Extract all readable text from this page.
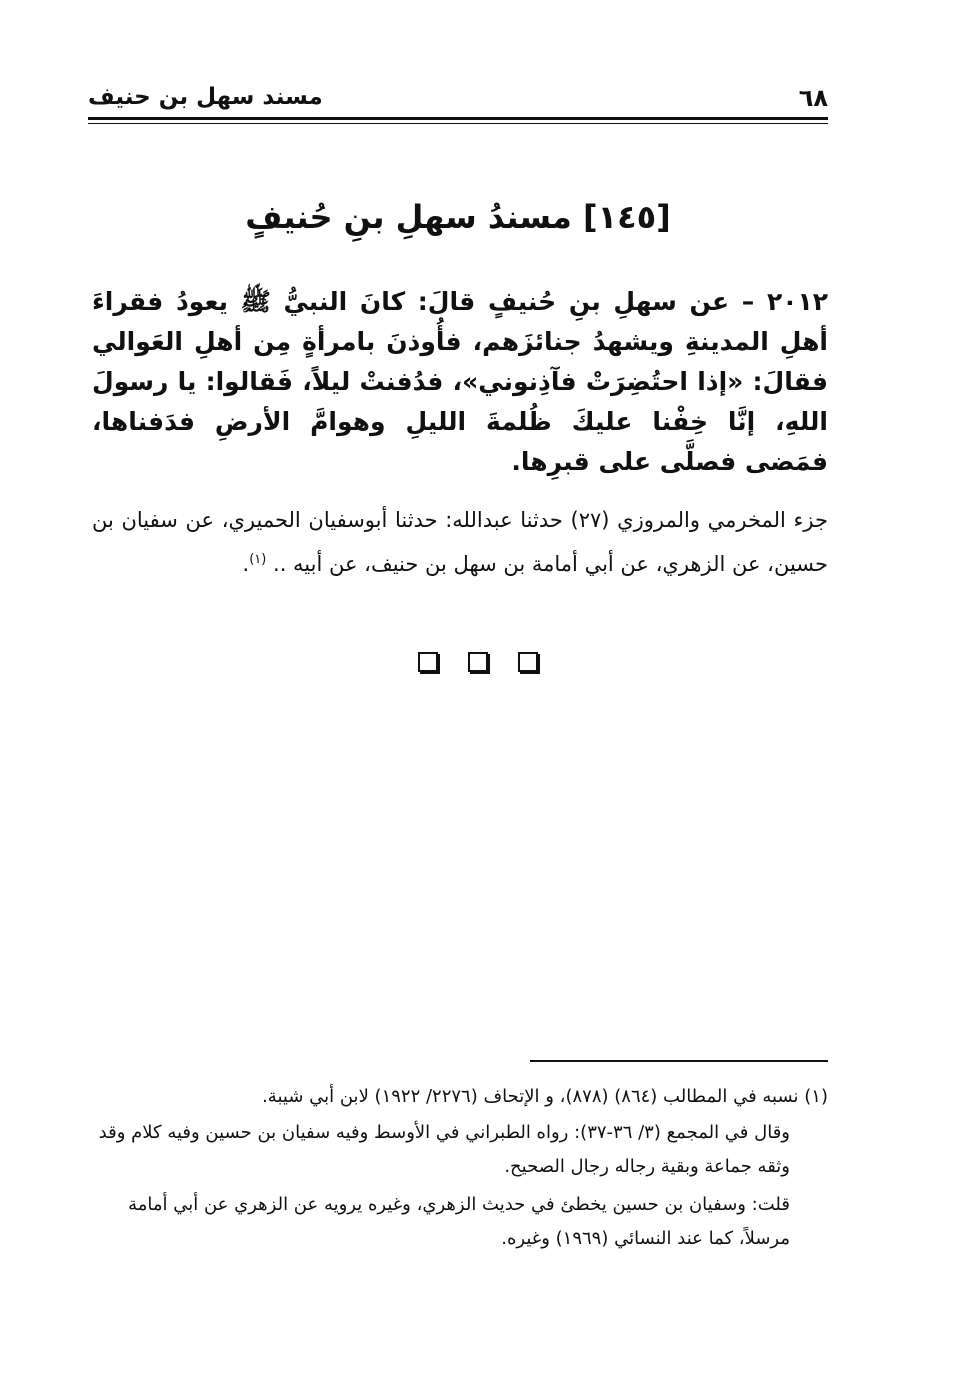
٦٨
مسند سهل بن حنيف
[١٤٥] مسندُ سهلِ بنِ حُنيفٍ
٢٠١٢ – عن سهلِ بنِ حُنيفٍ قالَ: كانَ النبيُّ ﷺ يعودُ فقراءَ أهلِ المدينةِ ويشهدُ جنائزَهم، فأُوذنَ بامرأةٍ مِن أهلِ العَوالي فقالَ: «إذا احتُضِرَتْ فآذِنوني»، فدُفنتْ ليلاً، فَقالوا: يا رسولَ اللهِ، إنَّا خِفْنا عليكَ ظُلمةَ الليلِ وهوامَّ الأرضِ فدَفناها، فمَضى فصلَّى على قبرِها.
جزء المخرمي والمروزي (٢٧) حدثنا عبدالله: حدثنا أبوسفيان الحميري، عن سفيان بن حسين، عن الزهري، عن أبي أمامة بن سهل بن حنيف، عن أبيه .. $^{(١)}$.

(١) نسبه في المطالب (٨٦٤) (٨٧٨)، و الإتحاف (٢٢٧٦/ ١٩٢٢) لابن أبي شيبة.

وقال في المجمع (٣/ ٣٦-٣٧): رواه الطبراني في الأوسط وفيه سفيان بن حسين وفيه كلام وقد وثقه جماعة وبقية رجاله رجال الصحيح.

قلت: وسفيان بن حسين يخطئ في حديث الزهري، وغيره يرويه عن الزهري عن أبي أمامة مرسلاً، كما عند النسائي (١٩٦٩) وغيره.
